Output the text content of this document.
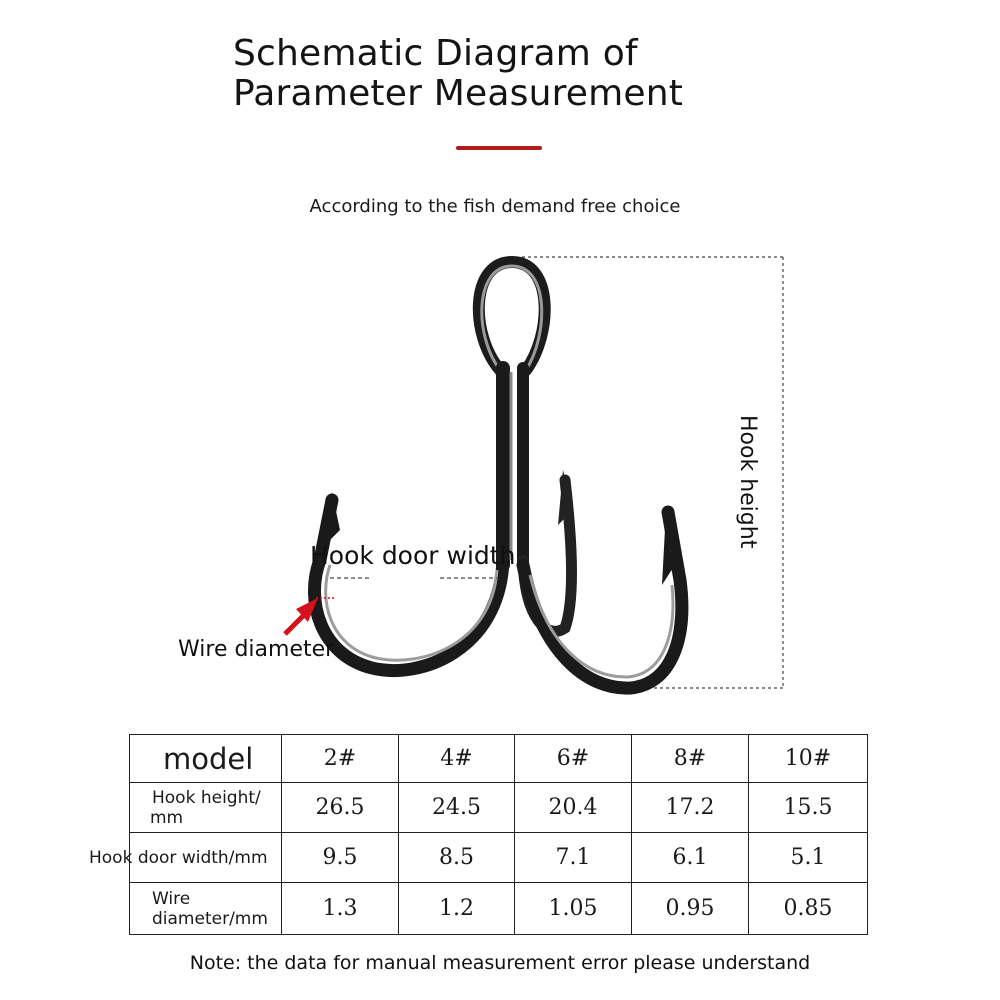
Schematic Diagram of
Parameter Measurement
According to the fish demand free choice
Hook door width
Wire diameter
Hook height
model	2#	4#	6#	8#	10#

Hook height/
mm	26.5	24.5	20.4	17.2	15.5

Hook door width/mm	9.5	8.5	7.1	6.1	5.1

Wire
diameter/mm	1.3	1.2	1.05	0.95	0.85
Note: the data for manual measurement error please understand
